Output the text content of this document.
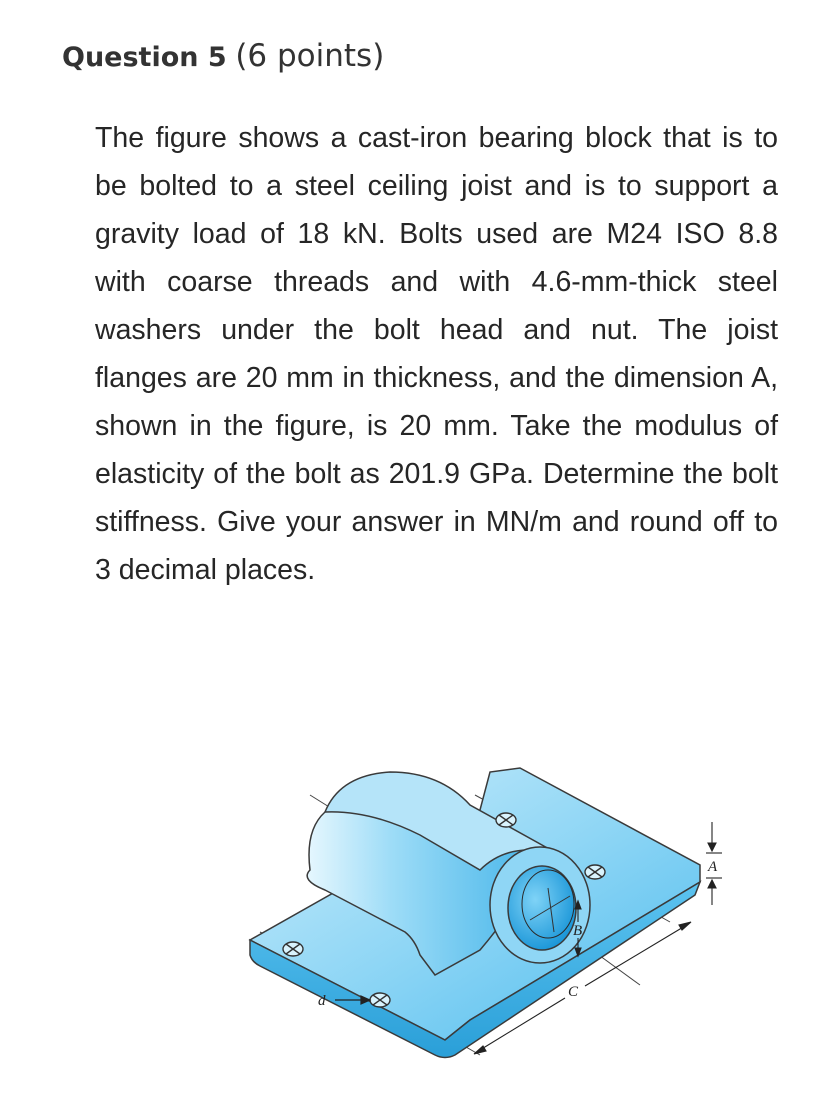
Question 5 (6 points)
The figure shows a cast-iron bearing block that is to be bolted to a steel ceiling joist and is to support a gravity load of 18 kN. Bolts used are M24 ISO 8.8 with coarse threads and with 4.6-mm-thick steel washers under the bolt head and nut. The joist flanges are 20 mm in thickness, and the dimension A, shown in the figure, is 20 mm. Take the modulus of elasticity of the bolt as 201.9 GPa. Determine the bolt stiffness. Give your answer in MN/m and round off to 3 decimal places.
d
B
C
A
